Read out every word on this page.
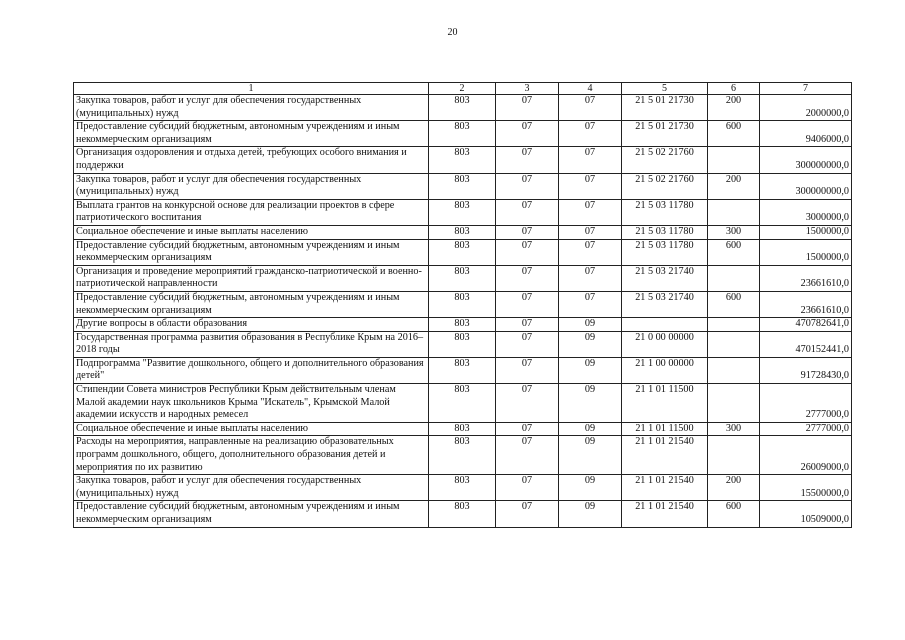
20
1	2	3	4	5	6	7
Закупка товаров, работ и услуг для обеспечения государственных (муниципальных) нужд	803	07	07	21 5 01 21730	200	2000000,0
Предоставление субсидий бюджетным, автономным учреждениям и иным некоммерческим организациям	803	07	07	21 5 01 21730	600	9406000,0
Организация оздоровления и отдыха детей, требующих особого внимания и поддержки	803	07	07	21 5 02 21760		300000000,0
Закупка товаров, работ и услуг для обеспечения государственных (муниципальных) нужд	803	07	07	21 5 02 21760	200	300000000,0
Выплата грантов на конкурсной основе для реализации проектов в сфере патриотического воспитания	803	07	07	21 5 03 11780		3000000,0
Социальное обеспечение и иные выплаты населению	803	07	07	21 5 03 11780	300	1500000,0
Предоставление субсидий бюджетным, автономным учреждениям и иным некоммерческим организациям	803	07	07	21 5 03 11780	600	1500000,0
Организация и проведение мероприятий гражданско-патриотической и военно-патриотической направленности	803	07	07	21 5 03 21740		23661610,0
Предоставление субсидий бюджетным, автономным учреждениям и иным некоммерческим организациям	803	07	07	21 5 03 21740	600	23661610,0
Другие вопросы в области образования	803	07	09			470782641,0
Государственная программа развития образования в Республике Крым на 2016–2018 годы	803	07	09	21 0 00 00000		470152441,0
Подпрограмма "Развитие дошкольного, общего и дополнительного образования детей"	803	07	09	21 1 00 00000		91728430,0
Стипендии Совета министров Республики Крым действительным членам Малой академии наук школьников Крыма "Искатель", Крымской Малой академии искусств и народных ремесел	803	07	09	21 1 01 11500		2777000,0
Социальное обеспечение и иные выплаты населению	803	07	09	21 1 01 11500	300	2777000,0
Расходы на мероприятия, направленные на реализацию образовательных программ дошкольного, общего, дополнительного образования детей и мероприятия по их развитию	803	07	09	21 1 01 21540		26009000,0
Закупка товаров, работ и услуг для обеспечения государственных (муниципальных) нужд	803	07	09	21 1 01 21540	200	15500000,0
Предоставление субсидий бюджетным, автономным учреждениям и иным некоммерческим организациям	803	07	09	21 1 01 21540	600	10509000,0
